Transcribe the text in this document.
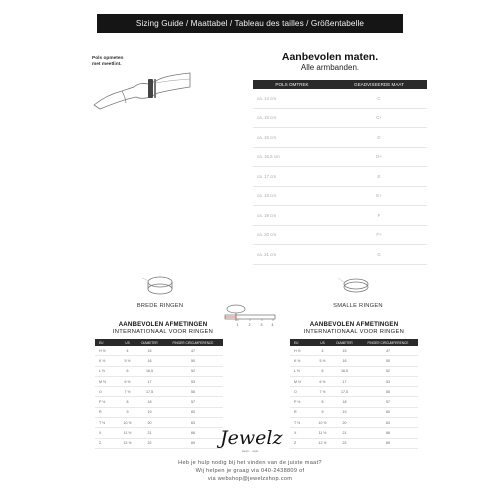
Sizing Guide / Maattabel / Tableau des tailles / Größentabelle
Pols opmeten
met meetlint.
Aanbevolen maten.
Alle armbanden.
POLS OMTREK	GEADVISEERDE MAAT
ca. 14 cm	C
ca. 15 cm	C+
ca. 16 cm	D
ca. 16,5 cm	D+
ca. 17 cm	E
ca. 18 cm	E+
ca. 19 cm	F
ca. 20 cm	F+
ca. 21 cm	G
BREDE RINGEN	SMALLE RINGEN
1	2	3	4
AANBEVOLEN AFMETINGEN
INTERNATIONAAL VOOR RINGEN
AANBEVOLEN AFMETINGEN
INTERNATIONAAL VOOR RINGEN
EU	US	DIAMETER	FINGER CIRCUMFERENCE
H ½	4	15	47
K ½	5 ½	16	50
L ½	6	16,5	52
M ½	6 ½	17	53
O	7 ½	17,5	55
P ½	8	18	57
R	9	19	60
T ½	10 ½	20	63
X	11 ½	21	66
Z	12 ½	22	69
EU	US	DIAMETER	FINGER CIRCUMFERENCE
H ½	4	15	47
K ½	5 ½	16	50
L ½	6	16,5	52
M ½	6 ½	17	53
O	7 ½	17,5	55
P ½	8	18	57
R	9	19	60
T ½	10 ½	20	63
X	11 ½	21	66
Z	12 ½	22	69
Jewelz
Heart ... style
Heb je hulp nodig bij het vinden van de juiste maat?
Wij helpen je graag via 040-2438809 of
via webshop@jewelzshop.com
